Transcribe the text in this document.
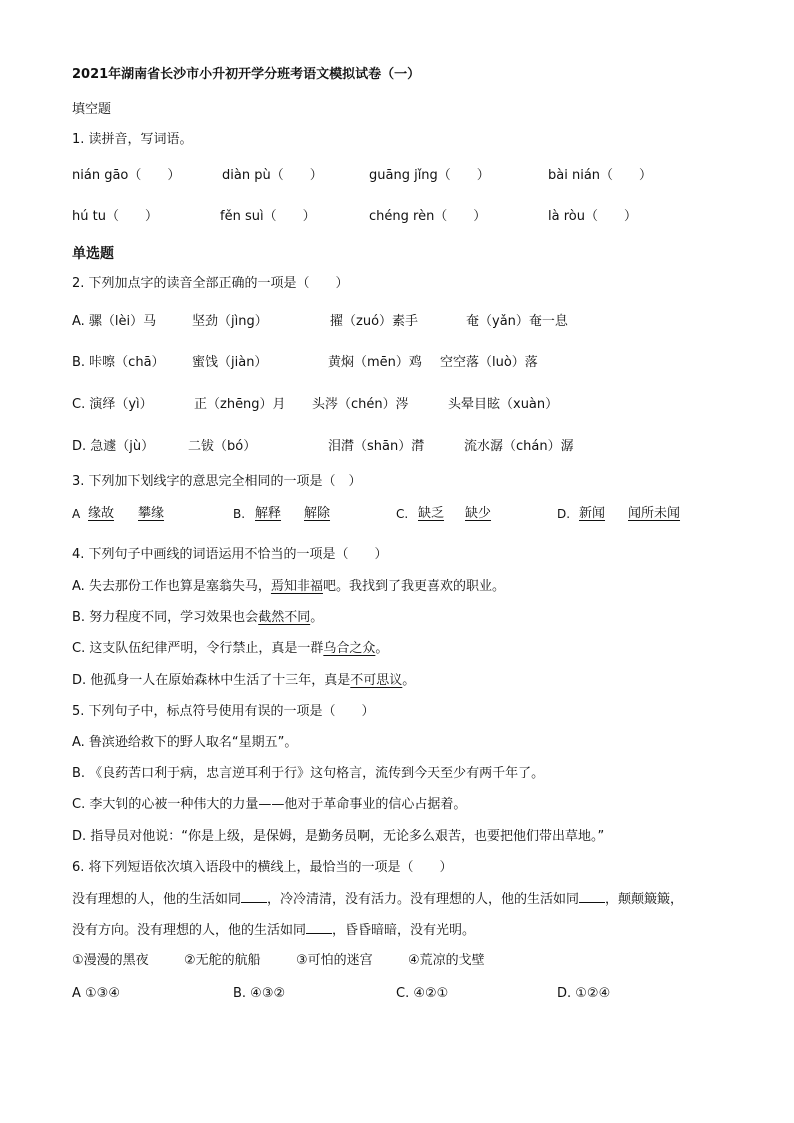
2021年湖南省长沙市小升初开学分班考语文模拟试卷（一）
填空题
1. 读拼音，写词语。
nián gāo（　　）	diàn pù（　　）	guāng jǐng（　　）	bài nián（　　）
hú tu（　　）	fěn suì（　　）	chéng rèn（　　）	là ròu（　　）
单选题
2. 下列加点字的读音全部正确的一项是（　　）
A. 骡（lèi）马	坚劲（jìng）	擢（zuó）素手	奄（yǎn）奄一息
B. 咔嚓（chā） 蜜饯（jiàn）	黄焖（mēn）鸡 空空落（luò）落
C. 演绎（yì）	正（zhēng）月 头涔（chén）涔	头晕目眩（xuàn）
D. 急遽（jù）	二钹（bó）	泪潸（shān）潸	流水潺（chán）潺
3. 下列加下划线字的意思完全相同的一项是（　）
A 缘故 攀缘	B. 解释 解除	C. 缺乏 缺少	D. 新闻 闻所未闻
4. 下列句子中画线的词语运用不恰当的一项是（　　）
A. 失去那份工作也算是塞翁失马，焉知非福吧。我找到了我更喜欢的职业。
B. 努力程度不同，学习效果也会截然不同。
C. 这支队伍纪律严明，令行禁止，真是一群乌合之众。
D. 他孤身一人在原始森林中生活了十三年，真是不可思议。
5. 下列句子中，标点符号使用有误的一项是（　　）
A. 鲁滨逊给救下的野人取名“星期五”。
B. 《良药苦口利于病，忠言逆耳利于行》这句格言，流传到今天至少有两千年了。
C. 李大钊的心被一种伟大的力量——他对于革命事业的信心占据着。
D. 指导员对他说：“你是上级，是保姆，是勤务员啊，无论多么艰苦，也要把他们带出草地。”
6. 将下列短语依次填入语段中的横线上，最恰当的一项是（　　）
没有理想的人，他的生活如同 ，冷冷清清，没有活力。没有理想的人，他的生活如同 ，颠颠簸簸，
没有方向。没有理想的人，他的生活如同 ，昏昏暗暗，没有光明。
①漫漫的黑夜	②无舵的航船	③可怕的迷宫	④荒凉的戈壁
A ①③④	B. ④③②	C. ④②①	D. ①②④
